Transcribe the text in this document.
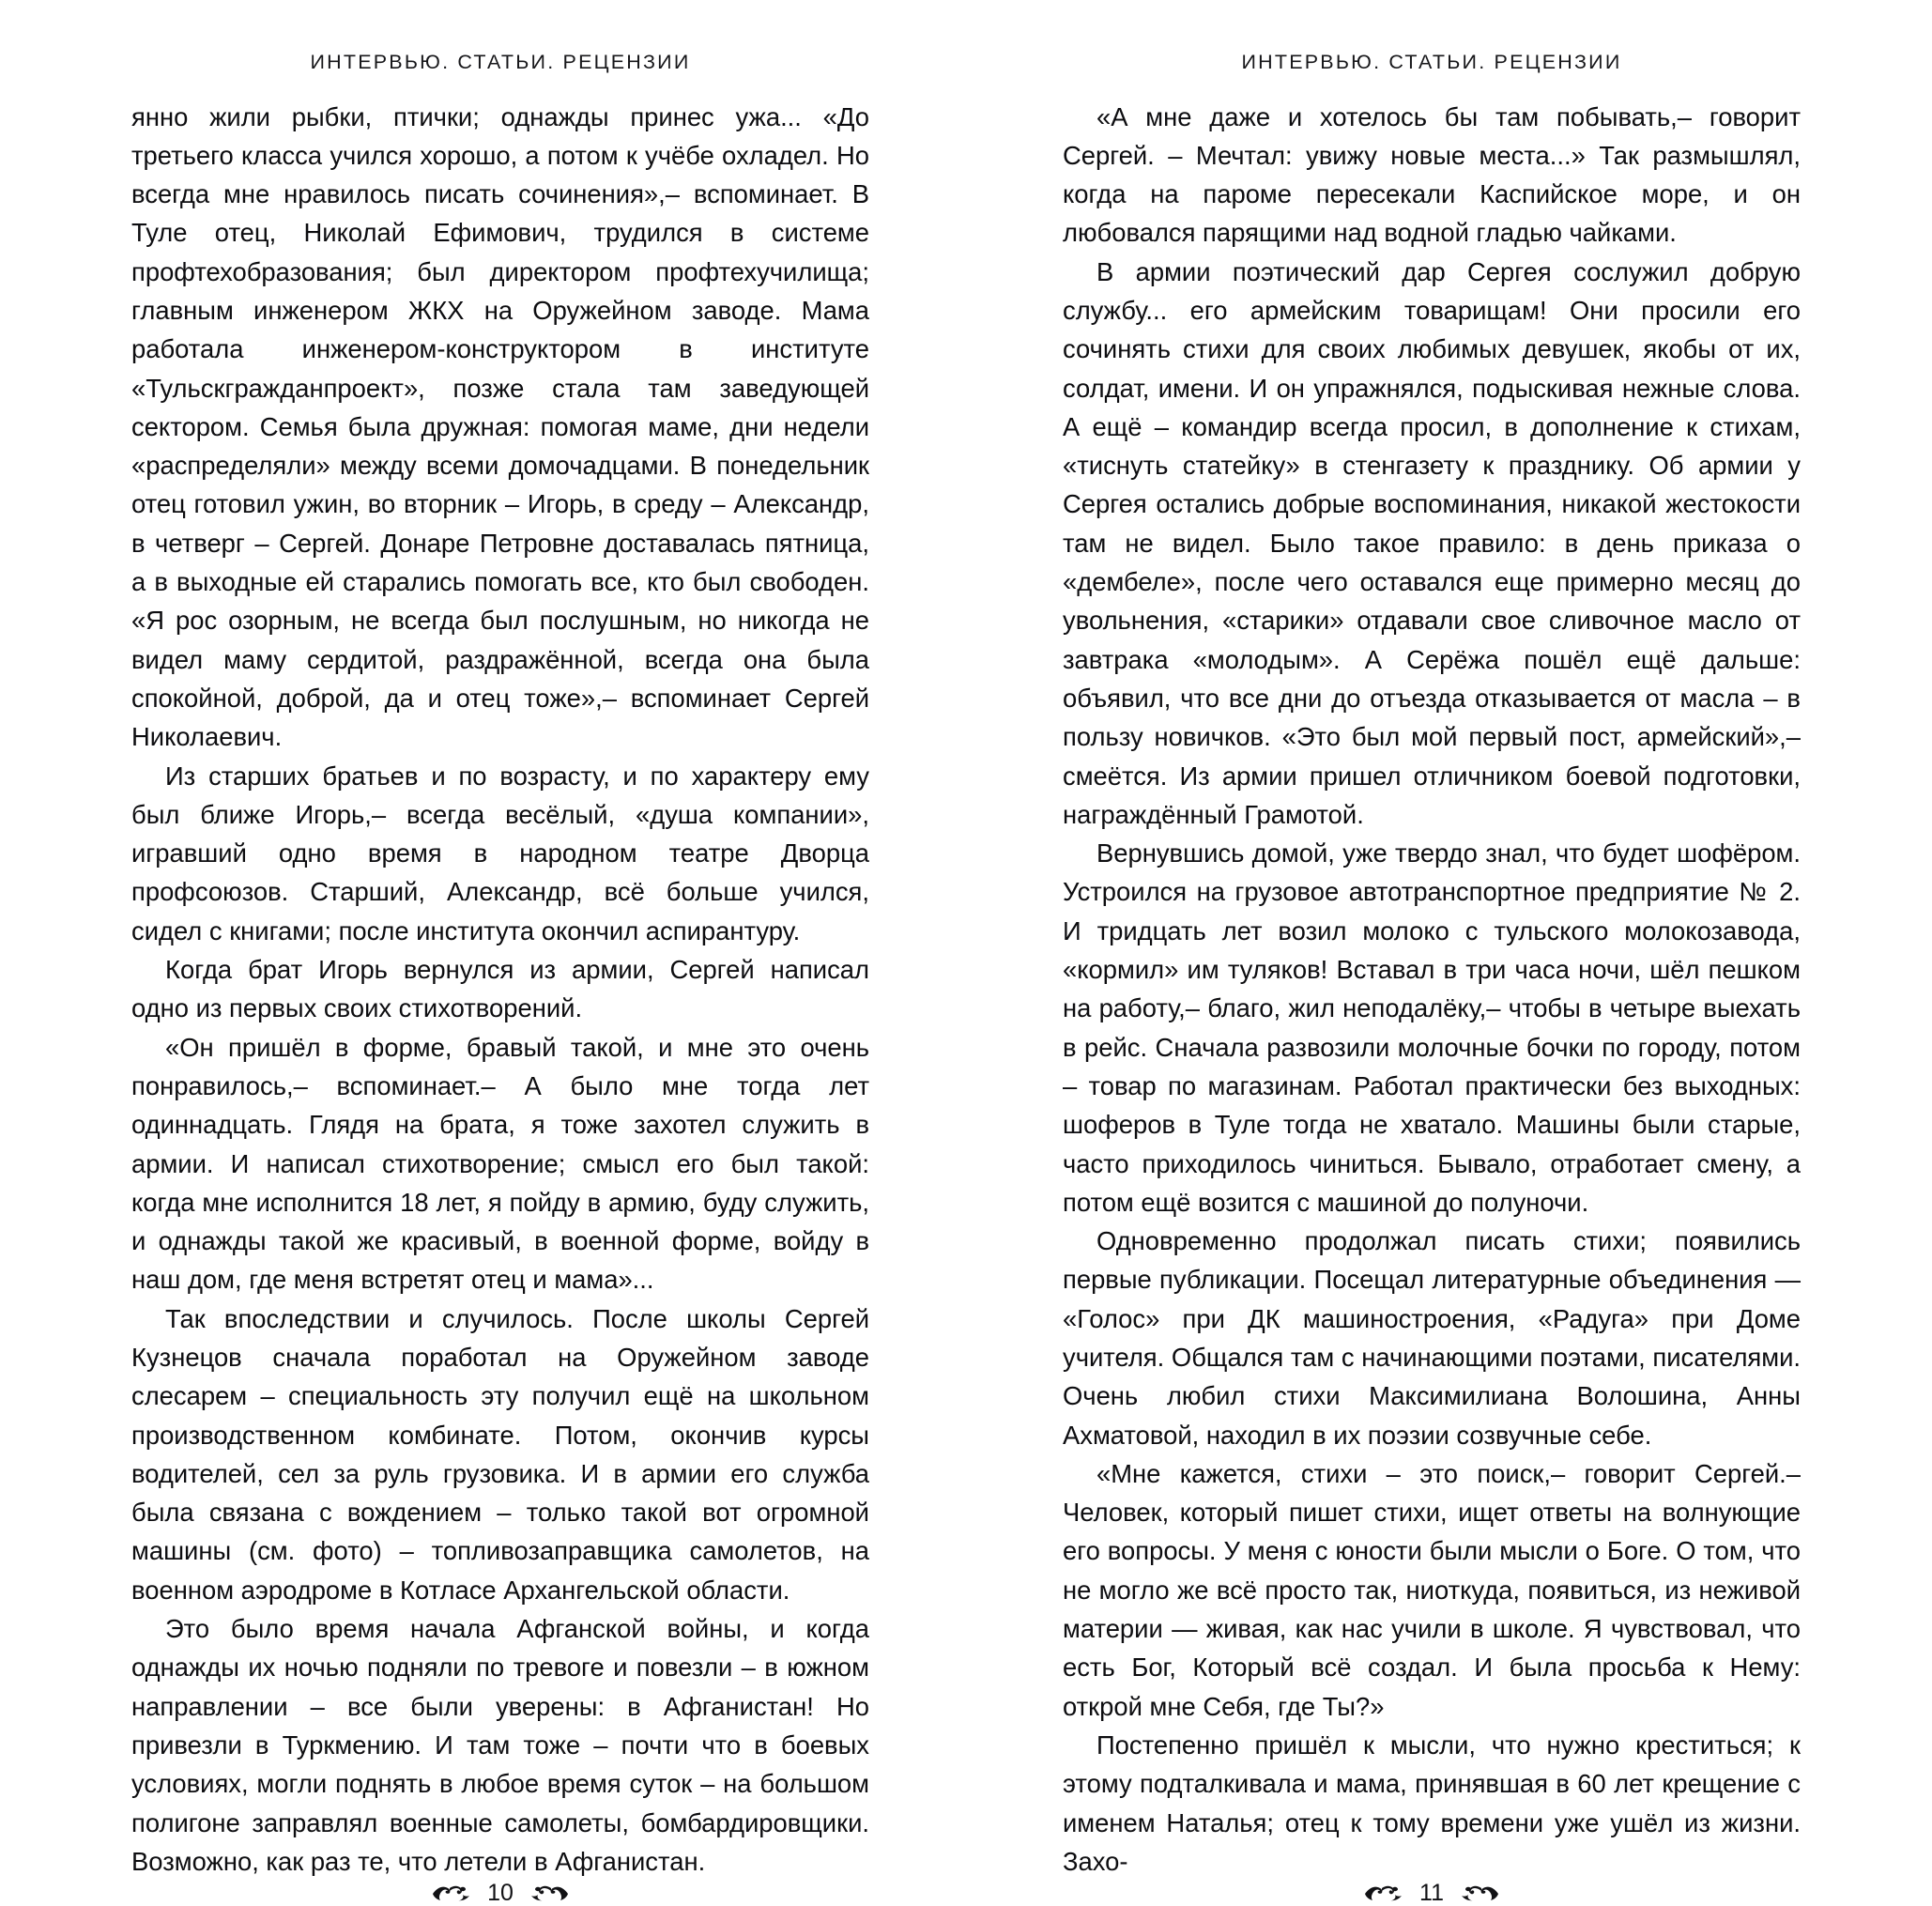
ИНТЕРВЬЮ. СТАТЬИ. РЕЦЕНЗИИ

янно жили рыбки, птички; однажды принес ужа... «До третьего класса учился хорошо, а потом к учёбе охладел. Но всегда мне нравилось писать сочинения»,– вспоминает. В Туле отец, Николай Ефимович, трудился в системе профтехобразования; был директором профтехучилища; главным инженером ЖКХ на Оружейном заводе. Мама работала инженером-конструктором в институте «Тульскгражданпроект», позже стала там заведующей сектором. Семья была дружная: помогая маме, дни недели «распределяли» между всеми домочадцами. В понедельник отец готовил ужин, во вторник – Игорь, в среду – Александр, в четверг – Сергей. Донаре Петровне доставалась пятница, а в выходные ей старались помогать все, кто был свободен. «Я рос озорным, не всегда был послушным, но никогда не видел маму сердитой, раздражённой, всегда она была спокойной, доброй, да и отец тоже»,– вспоминает Сергей Николаевич.

Из старших братьев и по возрасту, и по характеру ему был ближе Игорь,– всегда весёлый, «душа компании», игравший одно время в народном театре Дворца профсоюзов. Старший, Александр, всё больше учился, сидел с книгами; после института окончил аспирантуру.

Когда брат Игорь вернулся из армии, Сергей написал одно из первых своих стихотворений.

«Он пришёл в форме, бравый такой, и мне это очень понравилось,– вспоминает.– А было мне тогда лет одиннадцать. Глядя на брата, я тоже захотел служить в армии. И написал стихотворение; смысл его был такой: когда мне исполнится 18 лет, я пойду в армию, буду служить, и однажды такой же красивый, в военной форме, войду в наш дом, где меня встретят отец и мама»...

Так впоследствии и случилось. После школы Сергей Кузнецов сначала поработал на Оружейном заводе слесарем – специальность эту получил ещё на школьном производственном комбинате. Потом, окончив курсы водителей, сел за руль грузовика. И в армии его служба была связана с вождением – только такой вот огромной машины (см. фото) – топливозаправщика самолетов, на военном аэродроме в Котласе Архангельской области.

Это было время начала Афганской войны, и когда однажды их ночью подняли по тревоге и повезли – в южном направлении – все были уверены: в Афганистан! Но привезли в Туркмению. И там тоже – почти что в боевых условиях, могли поднять в любое время суток – на большом полигоне заправлял военные самолеты, бомбардировщики. Возможно, как раз те, что летели в Афганистан.

10
ИНТЕРВЬЮ. СТАТЬИ. РЕЦЕНЗИИ

«А мне даже и хотелось бы там побывать,– говорит Сергей. – Мечтал: увижу новые места...» Так размышлял, когда на пароме пересекали Каспийское море, и он любовался парящими над водной гладью чайками.

В армии поэтический дар Сергея сослужил добрую службу... его армейским товарищам! Они просили его сочинять стихи для своих любимых девушек, якобы от их, солдат, имени. И он упражнялся, подыскивая нежные слова. А ещё – командир всегда просил, в дополнение к стихам, «тиснуть статейку» в стенгазету к празднику. Об армии у Сергея остались добрые воспоминания, никакой жестокости там не видел. Было такое правило: в день приказа о «дембеле», после чего оставался еще примерно месяц до увольнения, «старики» отдавали свое сливочное масло от завтрака «молодым». А Серёжа пошёл ещё дальше: объявил, что все дни до отъезда отказывается от масла – в пользу новичков. «Это был мой первый пост, армейский»,– смеётся. Из армии пришел отличником боевой подготовки, награждённый Грамотой.

Вернувшись домой, уже твердо знал, что будет шофёром. Устроился на грузовое автотранспортное предприятие № 2. И тридцать лет возил молоко с тульского молокозавода, «кормил» им туляков! Вставал в три часа ночи, шёл пешком на работу,– благо, жил неподалёку,– чтобы в четыре выехать в рейс. Сначала развозили молочные бочки по городу, потом – товар по магазинам. Работал практически без выходных: шоферов в Туле тогда не хватало. Машины были старые, часто приходилось чиниться. Бывало, отработает смену, а потом ещё возится с машиной до полуночи.

Одновременно продолжал писать стихи; появились первые публикации. Посещал литературные объединения — «Голос» при ДК машиностроения, «Радуга» при Доме учителя. Общался там с начинающими поэтами, писателями. Очень любил стихи Максимилиана Волошина, Анны Ахматовой, находил в их поэзии созвучные себе.

«Мне кажется, стихи – это поиск,– говорит Сергей.– Человек, который пишет стихи, ищет ответы на волнующие его вопросы. У меня с юности были мысли о Боге. О том, что не могло же всё просто так, ниоткуда, появиться, из неживой материи — живая, как нас учили в школе. Я чувствовал, что есть Бог, Который всё создал. И была просьба к Нему: открой мне Себя, где Ты?»

Постепенно пришёл к мысли, что нужно креститься; к этому подталкивала и мама, принявшая в 60 лет крещение с именем Наталья; отец к тому времени уже ушёл из жизни. Захо-

11
